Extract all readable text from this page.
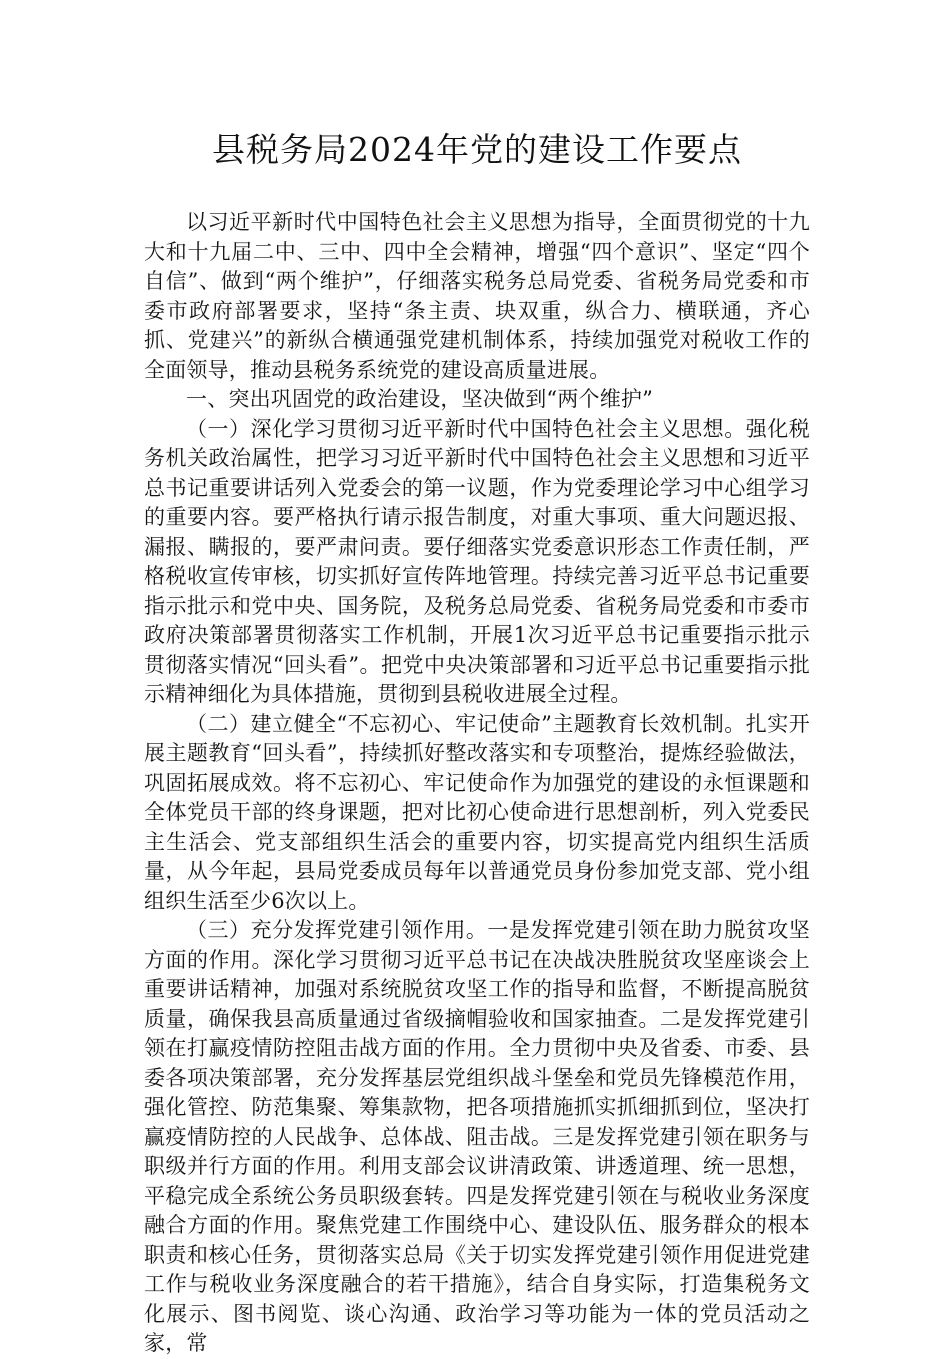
县税务局2024年党的建设工作要点

以习近平新时代中国特色社会主义思想为指导，全面贯彻党的十九大和十九届二中、三中、四中全会精神，增强“四个意识”、坚定“四个自信”、做到“两个维护”，仔细落实税务总局党委、省税务局党委和市委市政府部署要求，坚持“条主责、块双重，纵合力、横联通，齐心抓、党建兴”的新纵合横通强党建机制体系，持续加强党对税收工作的全面领导，推动县税务系统党的建设高质量进展。

一、突出巩固党的政治建设，坚决做到“两个维护”

（一）深化学习贯彻习近平新时代中国特色社会主义思想。强化税务机关政治属性，把学习习近平新时代中国特色社会主义思想和习近平总书记重要讲话列入党委会的第一议题，作为党委理论学习中心组学习的重要内容。要严格执行请示报告制度，对重大事项、重大问题迟报、漏报、瞒报的，要严肃问责。要仔细落实党委意识形态工作责任制，严格税收宣传审核，切实抓好宣传阵地管理。持续完善习近平总书记重要指示批示和党中央、国务院，及税务总局党委、省税务局党委和市委市政府决策部署贯彻落实工作机制，开展1次习近平总书记重要指示批示贯彻落实情况“回头看”。把党中央决策部署和习近平总书记重要指示批示精神细化为具体措施，贯彻到县税收进展全过程。

（二）建立健全“不忘初心、牢记使命”主题教育长效机制。扎实开展主题教育“回头看”，持续抓好整改落实和专项整治，提炼经验做法，巩固拓展成效。将不忘初心、牢记使命作为加强党的建设的永恒课题和全体党员干部的终身课题，把对比初心使命进行思想剖析，列入党委民主生活会、党支部组织生活会的重要内容，切实提高党内组织生活质量，从今年起，县局党委成员每年以普通党员身份参加党支部、党小组组织生活至少6次以上。

（三）充分发挥党建引领作用。一是发挥党建引领在助力脱贫攻坚方面的作用。深化学习贯彻习近平总书记在决战决胜脱贫攻坚座谈会上重要讲话精神，加强对系统脱贫攻坚工作的指导和监督，不断提高脱贫质量，确保我县高质量通过省级摘帽验收和国家抽查。二是发挥党建引领在打赢疫情防控阻击战方面的作用。全力贯彻中央及省委、市委、县委各项决策部署，充分发挥基层党组织战斗堡垒和党员先锋模范作用，强化管控、防范集聚、筹集款物，把各项措施抓实抓细抓到位，坚决打赢疫情防控的人民战争、总体战、阻击战。三是发挥党建引领在职务与职级并行方面的作用。利用支部会议讲清政策、讲透道理、统一思想，平稳完成全系统公务员职级套转。四是发挥党建引领在与税收业务深度融合方面的作用。聚焦党建工作围绕中心、建设队伍、服务群众的根本职责和核心任务，贯彻落实总局《关于切实发挥党建引领作用促进党建工作与税收业务深度融合的若干措施》，结合自身实际，打造集税务文化展示、图书阅览、谈心沟通、政治学习等功能为一体的党员活动之家，常
